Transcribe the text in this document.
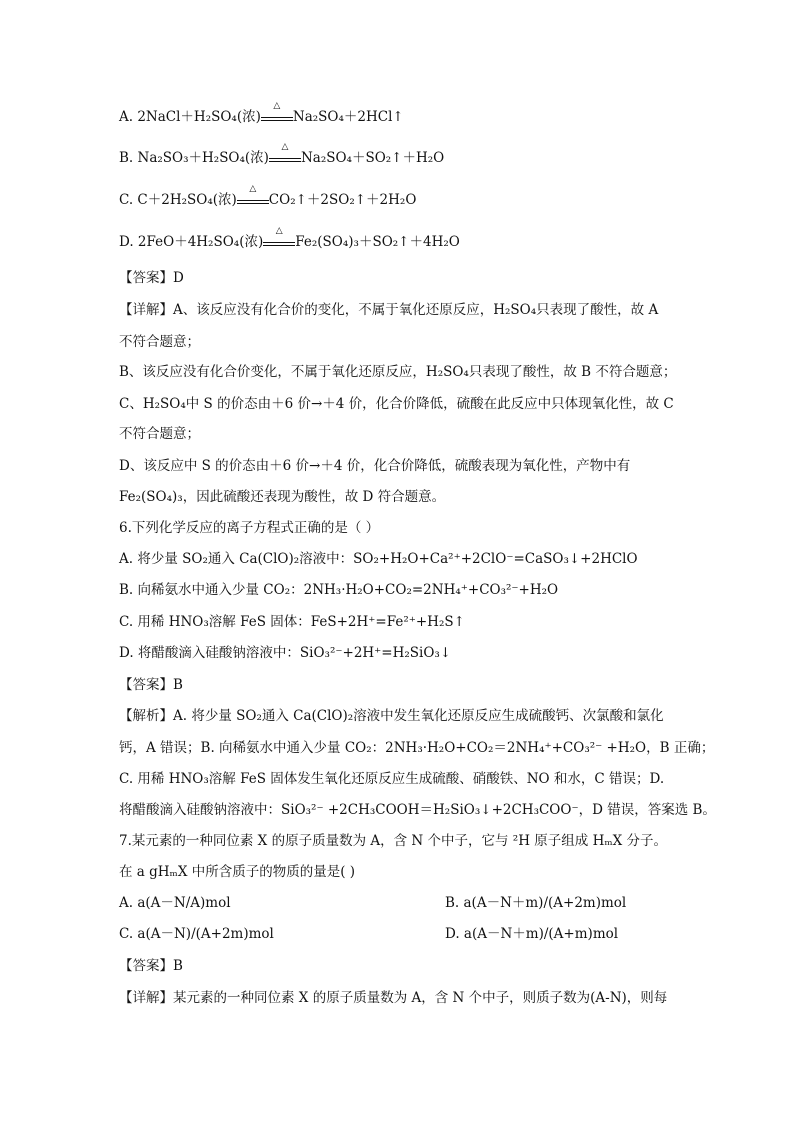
A. 2NaCl＋H₂SO₄(浓)
△
Na₂SO₄＋2HCl↑
B. Na₂SO₃＋H₂SO₄(浓)
△
Na₂SO₄＋SO₂↑＋H₂O
C. C＋2H₂SO₄(浓)
△
CO₂↑＋2SO₂↑＋2H₂O
D. 2FeO＋4H₂SO₄(浓)
△
Fe₂(SO₄)₃＋SO₂↑＋4H₂O
【答案】D
【详解】A、该反应没有化合价的变化，不属于氧化还原反应，H₂SO₄只表现了酸性，故 A
不符合题意；
B、该反应没有化合价变化，不属于氧化还原反应，H₂SO₄只表现了酸性，故 B 不符合题意；
C、H₂SO₄中 S 的价态由＋6 价→＋4 价，化合价降低，硫酸在此反应中只体现氧化性，故 C
不符合题意；
D、该反应中 S 的价态由＋6 价→＋4 价，化合价降低，硫酸表现为氧化性，产物中有
Fe₂(SO₄)₃，因此硫酸还表现为酸性，故 D 符合题意。
6.下列化学反应的离子方程式正确的是（ ）
A. 将少量 SO₂通入 Ca(ClO)₂溶液中：SO₂+H₂O+Ca²⁺+2ClO⁻=CaSO₃↓+2HClO
B. 向稀氨水中通入少量 CO₂：2NH₃·H₂O+CO₂=2NH₄⁺+CO₃²⁻+H₂O
C. 用稀 HNO₃溶解 FeS 固体：FeS+2H⁺=Fe²⁺+H₂S↑
D. 将醋酸滴入硅酸钠溶液中：SiO₃²⁻+2H⁺=H₂SiO₃↓
【答案】B
【解析】A. 将少量 SO₂通入 Ca(ClO)₂溶液中发生氧化还原反应生成硫酸钙、次氯酸和氯化
钙，A 错误；B. 向稀氨水中通入少量 CO₂：2NH₃·H₂O+CO₂＝2NH₄⁺+CO₃²⁻ +H₂O，B 正确；
C. 用稀 HNO₃溶解 FeS 固体发生氧化还原反应生成硫酸、硝酸铁、NO 和水，C 错误；D.
将醋酸滴入硅酸钠溶液中：SiO₃²⁻ +2CH₃COOH＝H₂SiO₃↓+2CH₃COO⁻，D 错误，答案选 B。
7.某元素的一种同位素 X 的原子质量数为 A，含 N 个中子，它与 ²H 原子组成 HₘX 分子。
在 a gHₘX 中所含质子的物质的量是( )
A. a(A－N/A)mol	B. a(A－N＋m)/(A+2m)mol
C. a(A－N)/(A+2m)mol	D. a(A－N＋m)/(A+m)mol
【答案】B
【详解】某元素的一种同位素 X 的原子质量数为 A，含 N 个中子，则质子数为(A-N)，则每
